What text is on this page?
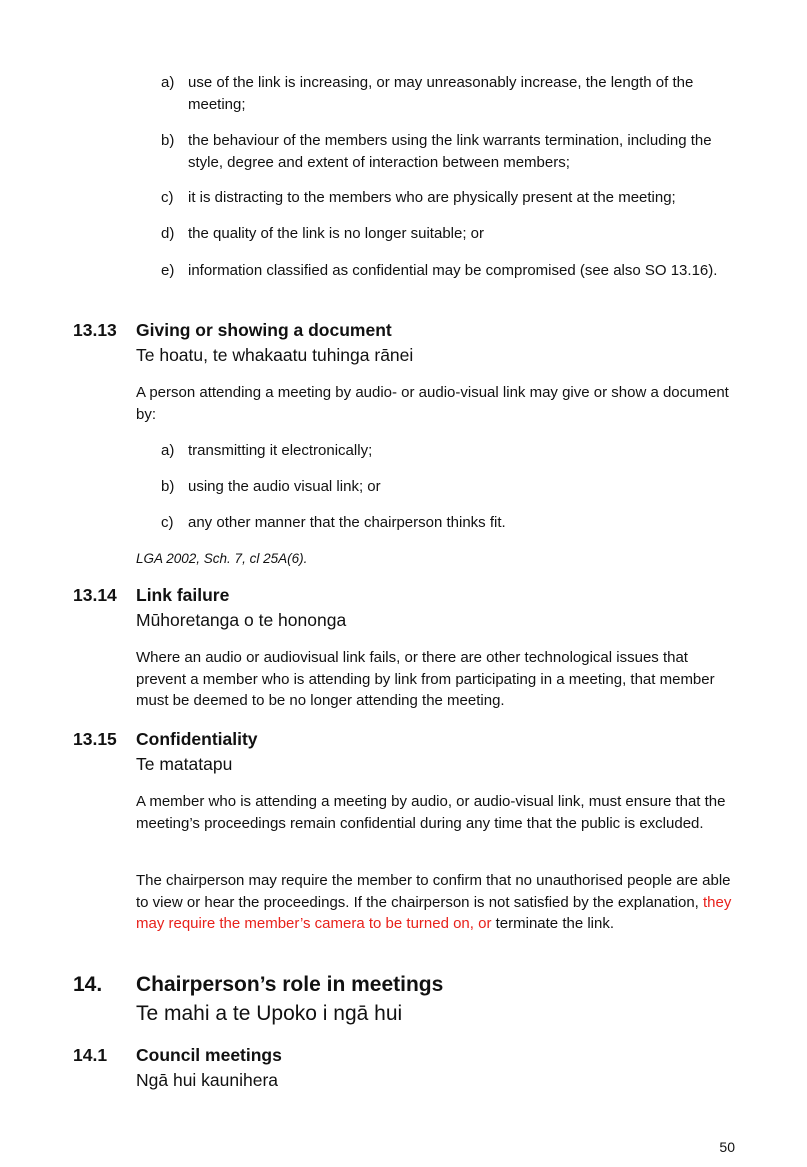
a) use of the link is increasing, or may unreasonably increase, the length of the meeting;
b) the behaviour of the members using the link warrants termination, including the style, degree and extent of interaction between members;
c) it is distracting to the members who are physically present at the meeting;
d) the quality of the link is no longer suitable; or
e) information classified as confidential may be compromised (see also SO 13.16).
13.13 Giving or showing a document
Te hoatu, te whakaatu tuhinga rānei
A person attending a meeting by audio- or audio-visual link may give or show a document by:
a) transmitting it electronically;
b) using the audio visual link; or
c) any other manner that the chairperson thinks fit.
LGA 2002, Sch. 7, cl 25A(6).
13.14 Link failure
Mūhoretanga o te hononga
Where an audio or audiovisual link fails, or there are other technological issues that prevent a member who is attending by link from participating in a meeting, that member must be deemed to be no longer attending the meeting.
13.15 Confidentiality
Te matatapu
A member who is attending a meeting by audio, or audio-visual link, must ensure that the meeting’s proceedings remain confidential during any time that the public is excluded.
The chairperson may require the member to confirm that no unauthorised people are able to view or hear the proceedings. If the chairperson is not satisfied by the explanation, they may require the member’s camera to be turned on, or terminate the link.
14. Chairperson’s role in meetings
Te mahi a te Upoko i ngā hui
14.1 Council meetings
Ngā hui kaunihera
50
